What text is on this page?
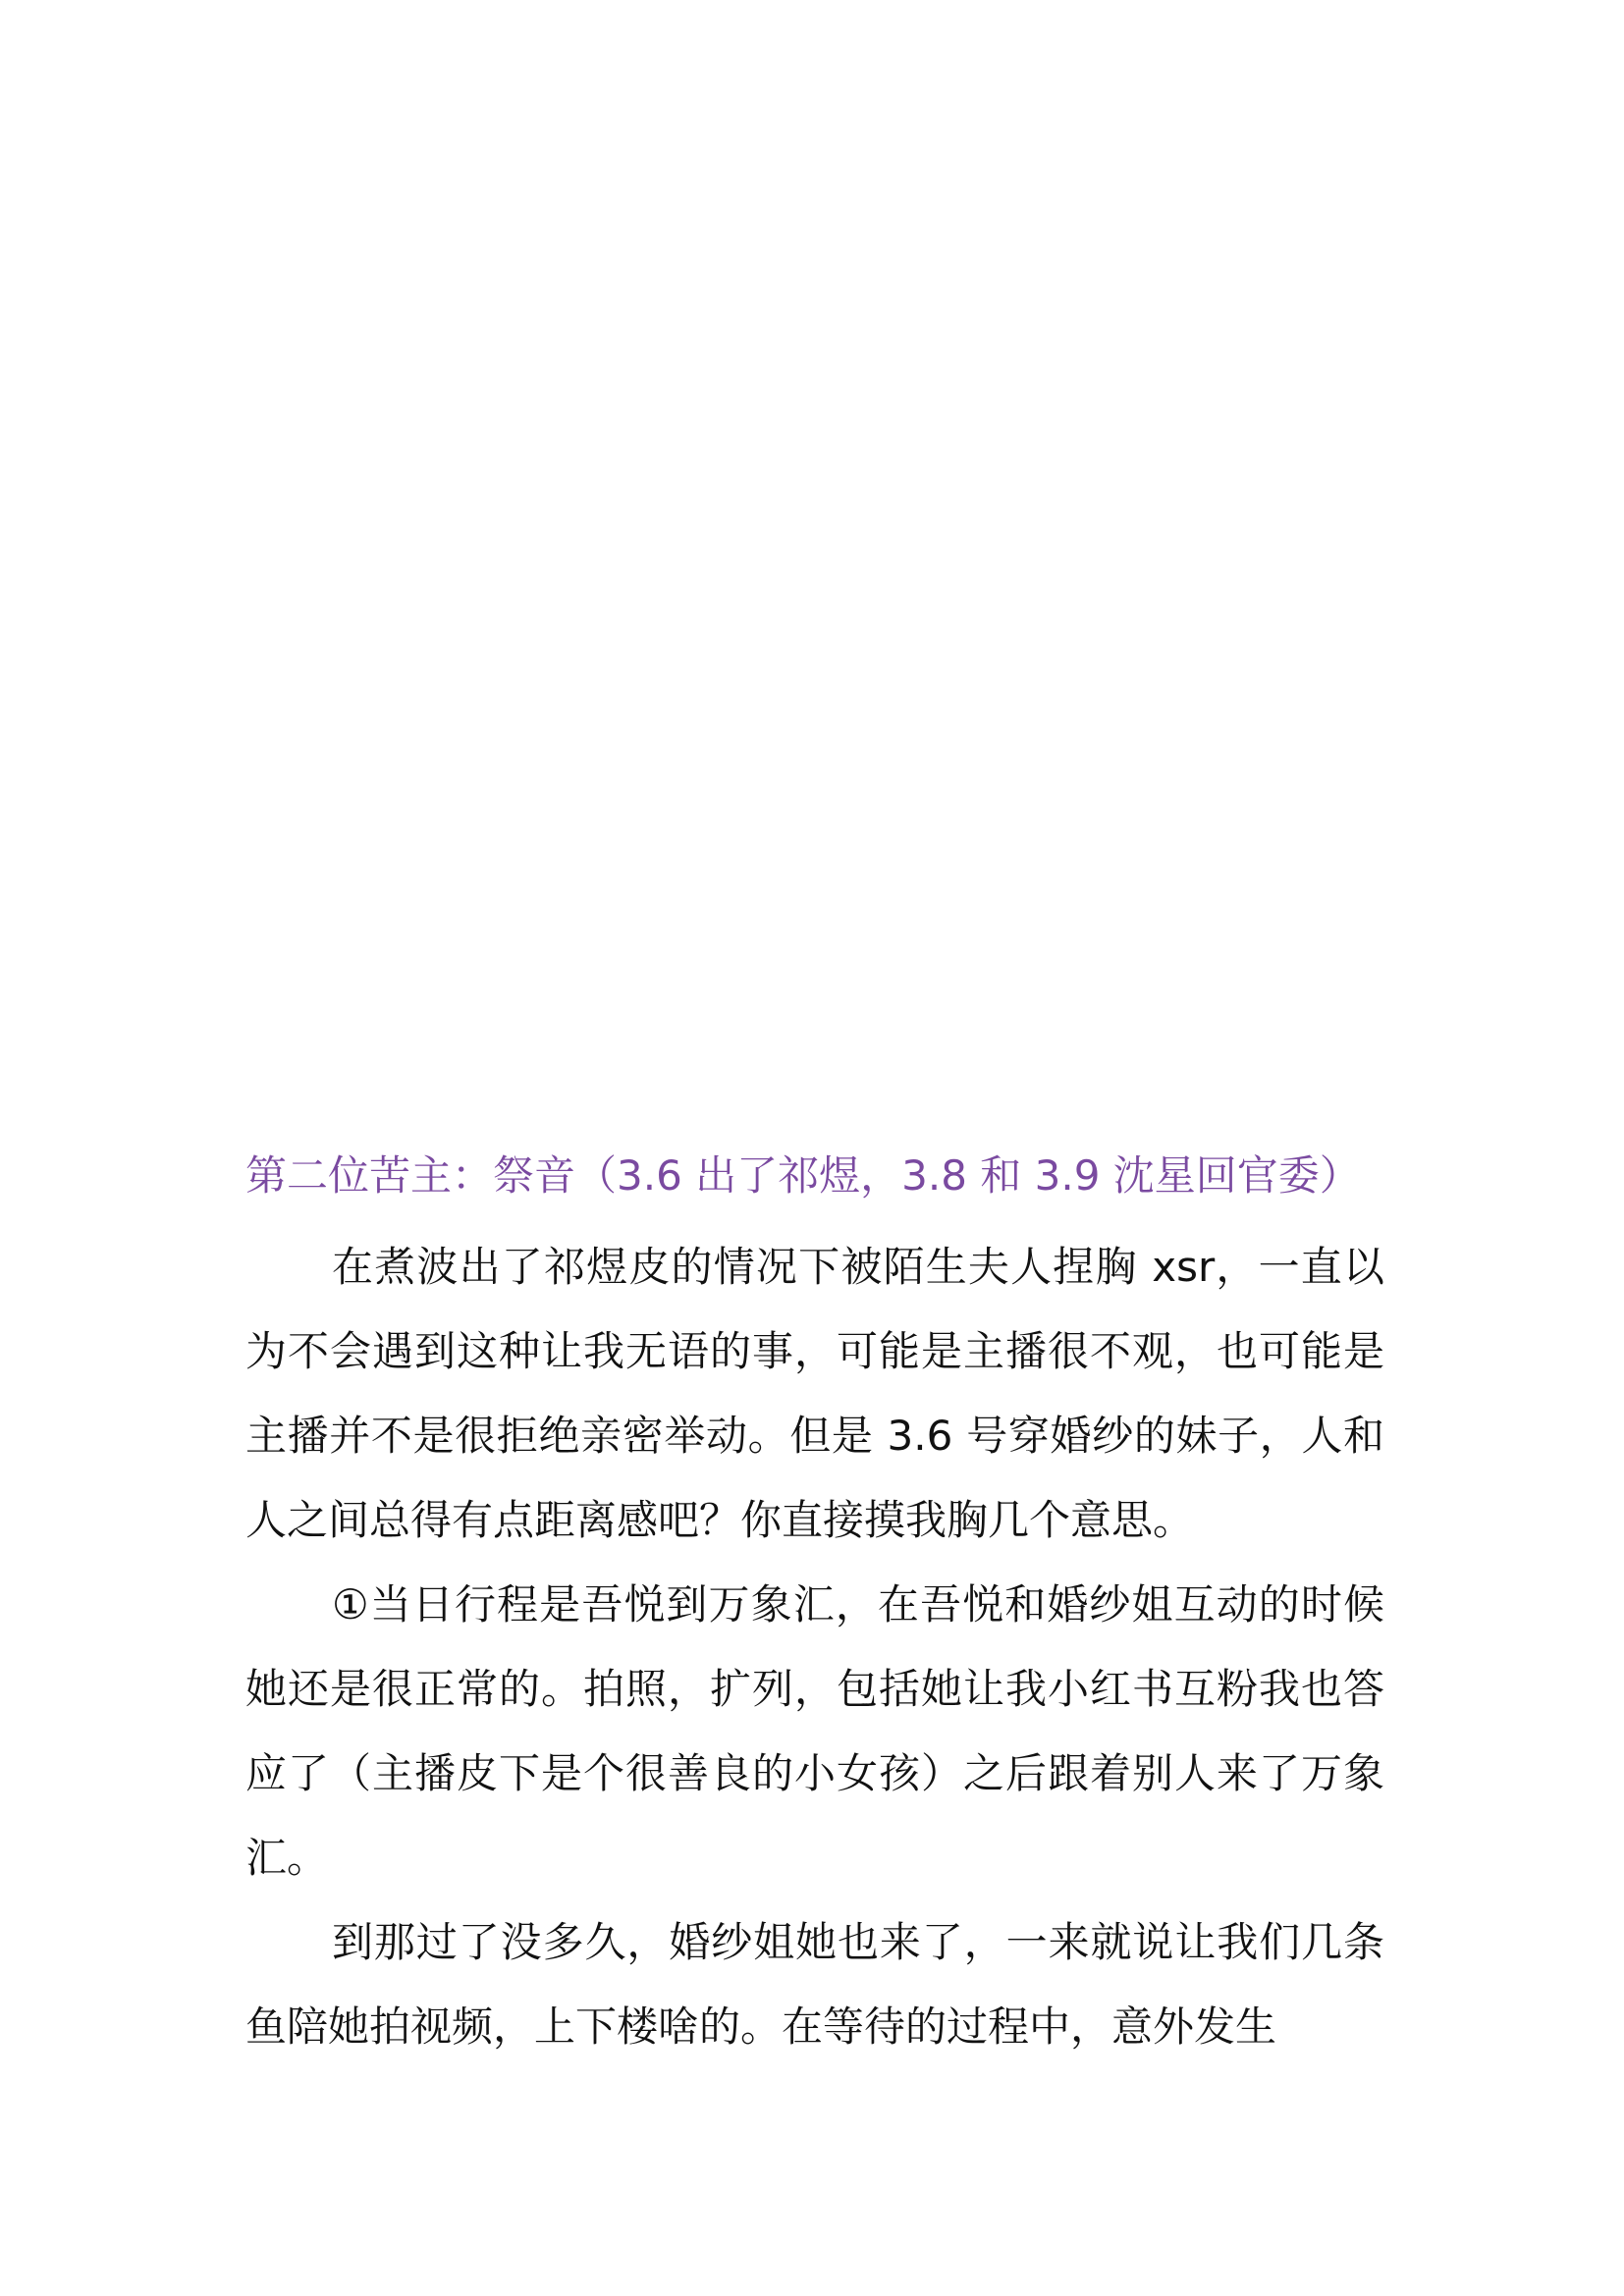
第二位苦主：祭音（3.6 出了祁煜，3.8 和 3.9 沈星回官委）

在煮波出了祁煜皮的情况下被陌生夫人捏胸 xsr，一直以为不会遇到这种让我无语的事，可能是主播很不观，也可能是主播并不是很拒绝亲密举动。但是 3.6 号穿婚纱的妹子，人和人之间总得有点距离感吧？你直接摸我胸几个意思。

①当日行程是吾悦到万象汇，在吾悦和婚纱姐互动的时候她还是很正常的。拍照，扩列，包括她让我小红书互粉我也答应了（主播皮下是个很善良的小女孩）之后跟着别人来了万象汇。

到那过了没多久，婚纱姐她也来了，一来就说让我们几条鱼陪她拍视频，上下楼啥的。在等待的过程中，意外发生
